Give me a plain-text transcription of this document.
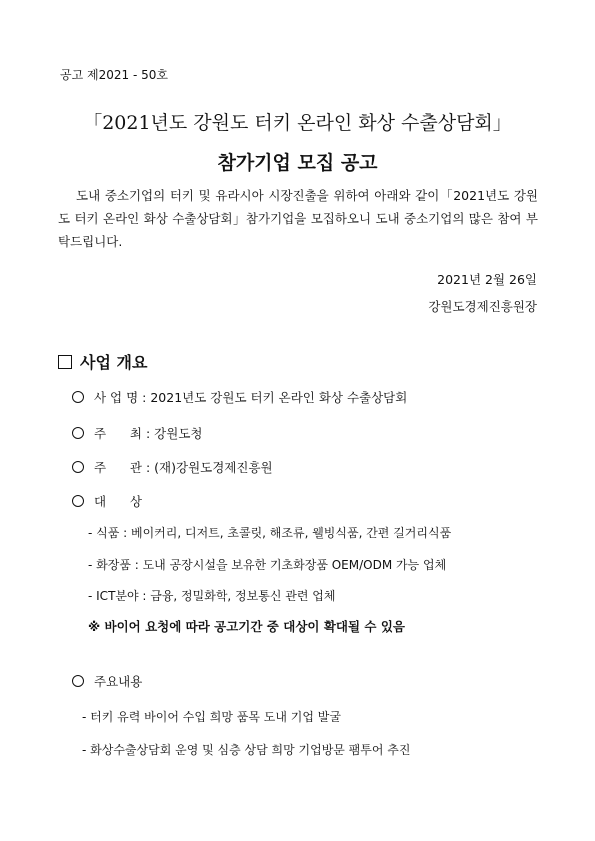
공고 제2021 - 50호
「2021년도 강원도 터키 온라인 화상 수출상담회」
참가기업 모집 공고
도내 중소기업의 터키 및 유라시아 시장진출을 위하여 아래와 같이「2021년도 강원도 터키 온라인 화상 수출상담회」참가기업을 모집하오니 도내 중소기업의 많은 참여 부탁드립니다.
2021년 2월 26일
강원도경제진흥원장
사업 개요
사 업 명 : 2021년도 강원도 터키 온라인 화상 수출상담회
주      최 : 강원도청
주      관 : (재)강원도경제진흥원
대      상
- 식품 : 베이커리, 디저트, 초콜릿, 해조류, 웰빙식품, 간편 길거리식품
- 화장품 : 도내 공장시설을 보유한 기초화장품 OEM/ODM 가능 업체
- ICT분야 : 금융, 정밀화학, 정보통신 관련 업체
※ 바이어 요청에 따라 공고기간 중 대상이 확대될 수 있음
주요내용
- 터키 유력 바이어 수입 희망 품목 도내 기업 발굴
- 화상수출상담회 운영 및 심층 상담 희망 기업방문 팸투어 추진
